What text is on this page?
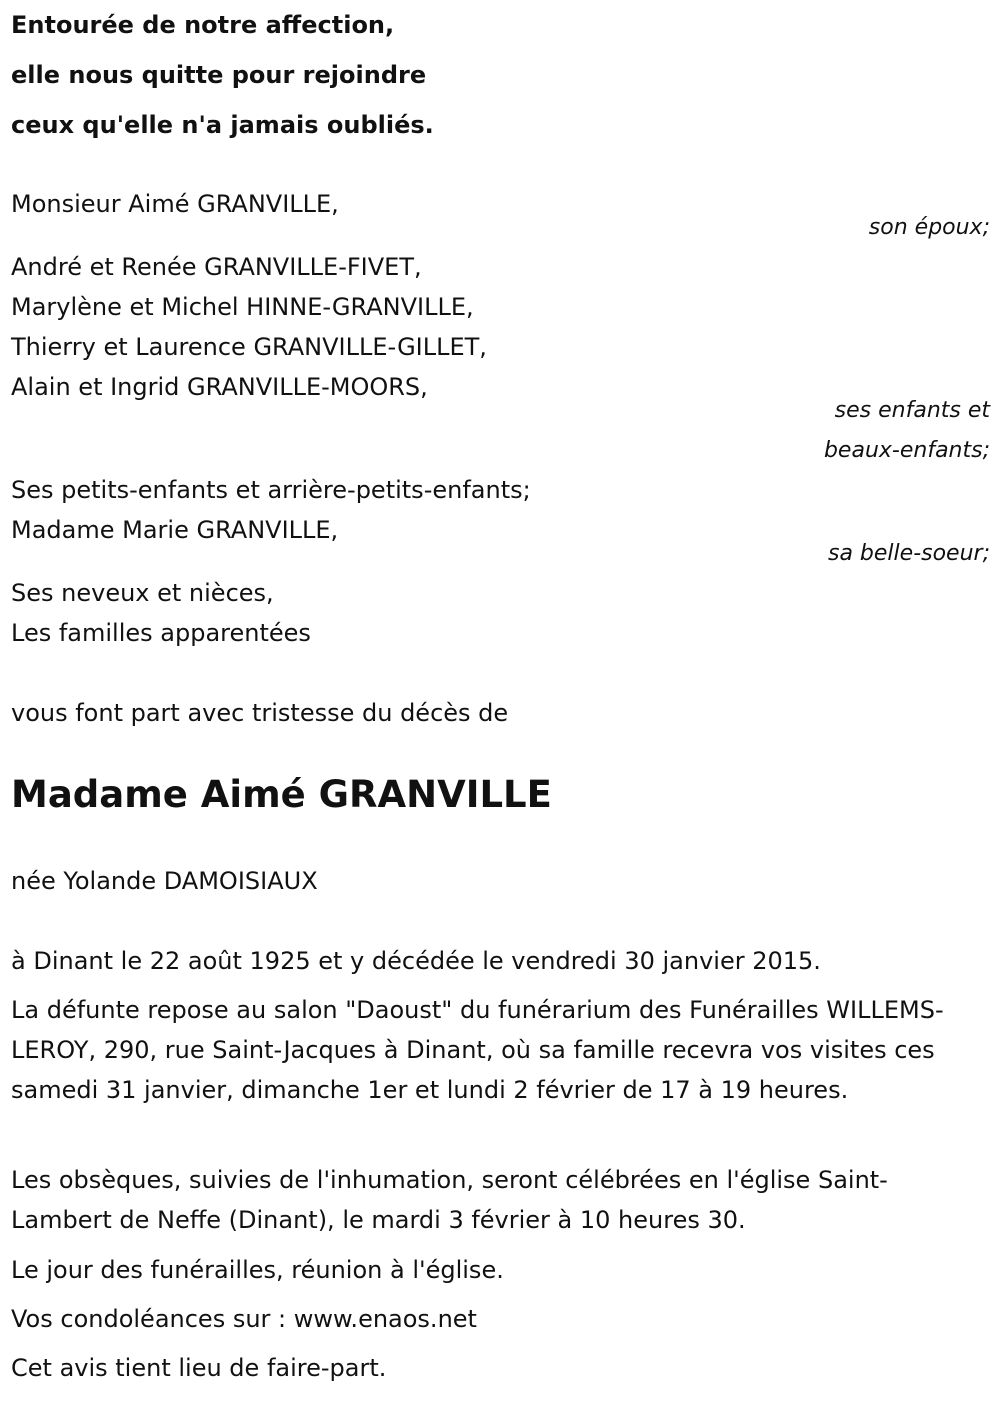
Entourée de notre affection,

elle nous quitte pour rejoindre

ceux qu'elle n'a jamais oubliés.

Monsieur Aimé GRANVILLE,

son époux;

André et Renée GRANVILLE-FIVET,

Marylène et Michel HINNE-GRANVILLE,

Thierry et Laurence GRANVILLE-GILLET,

Alain et Ingrid GRANVILLE-MOORS,

ses enfants et

beaux-enfants;

Ses petits-enfants et arrière-petits-enfants;

Madame Marie GRANVILLE,

sa belle-soeur;

Ses neveux et nièces,

Les familles apparentées

vous font part avec tristesse du décès de

Madame Aimé GRANVILLE

née Yolande DAMOISIAUX

à Dinant le 22 août 1925 et y décédée le vendredi 30 janvier 2015.

La défunte repose au salon "Daoust" du funérarium des Funérailles WILLEMS-LEROY, 290, rue Saint-Jacques à Dinant, où sa famille recevra vos visites ces samedi 31 janvier, dimanche 1er et lundi 2 février de 17 à 19 heures.

Les obsèques, suivies de l'inhumation, seront célébrées en l'église Saint-Lambert de Neffe (Dinant), le mardi 3 février à 10 heures 30.

Le jour des funérailles, réunion à l'église.

Vos condoléances sur : www.enaos.net

Cet avis tient lieu de faire-part.
